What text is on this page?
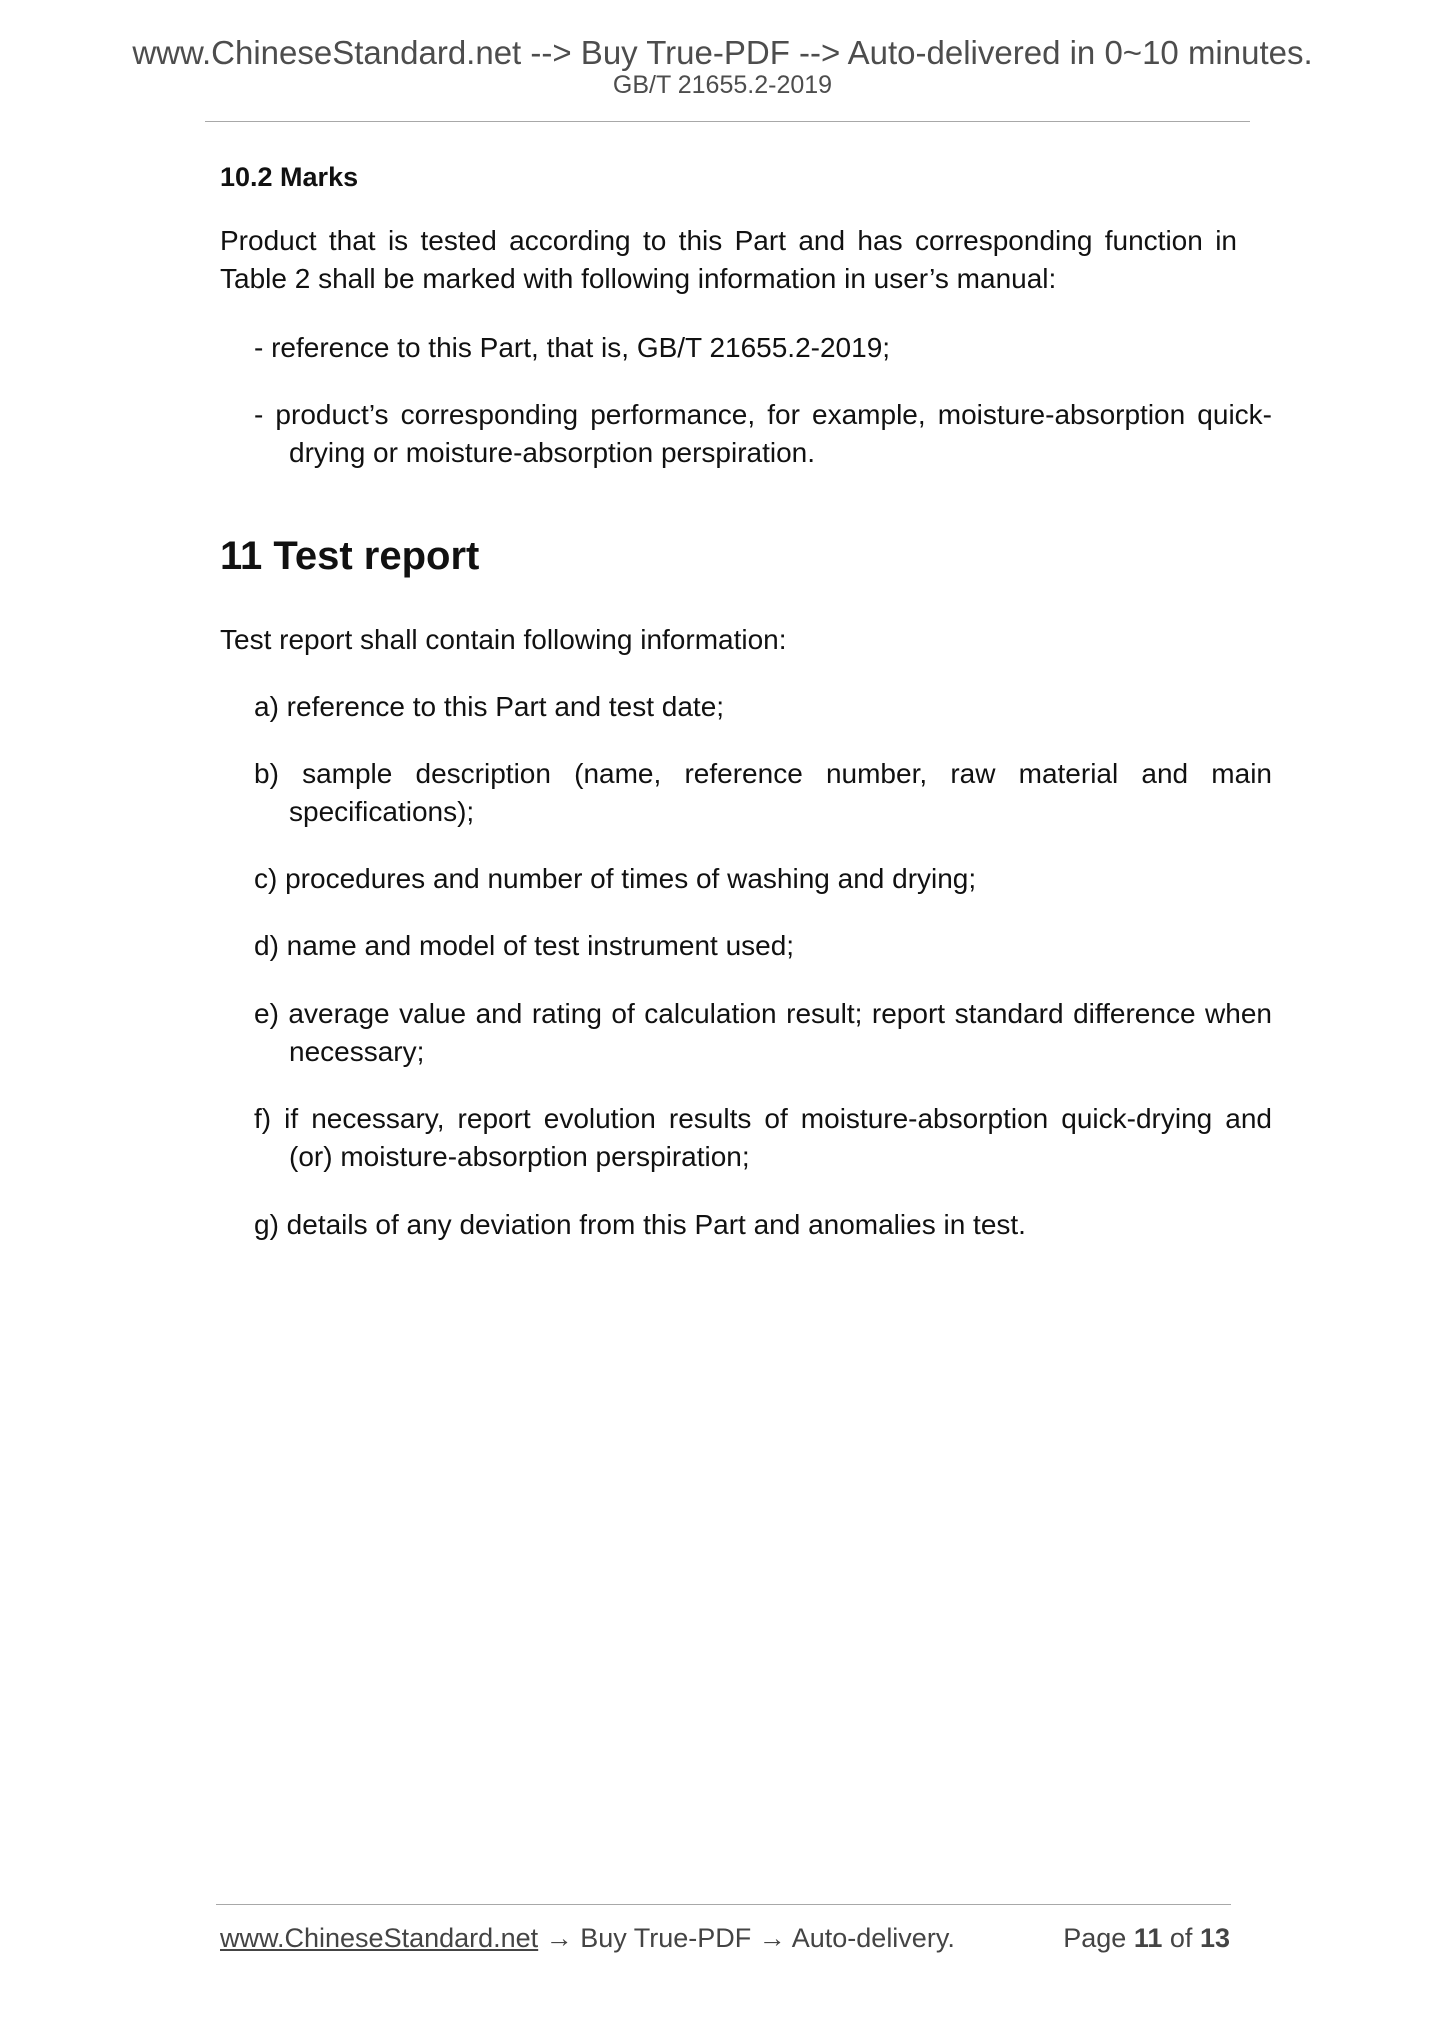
www.ChineseStandard.net --> Buy True-PDF --> Auto-delivered in 0~10 minutes.
GB/T 21655.2-2019

10.2 Marks

Product that is tested according to this Part and has corresponding function in Table 2 shall be marked with following information in user’s manual:

- reference to this Part, that is, GB/T 21655.2-2019;

- product’s corresponding performance, for example, moisture-absorption quick-drying or moisture-absorption perspiration.

11 Test report

Test report shall contain following information:

a) reference to this Part and test date;

b) sample description (name, reference number, raw material and main specifications);

c) procedures and number of times of washing and drying;

d) name and model of test instrument used;

e) average value and rating of calculation result; report standard difference when necessary;

f) if necessary, report evolution results of moisture-absorption quick-drying and (or) moisture-absorption perspiration;

g) details of any deviation from this Part and anomalies in test.

www.ChineseStandard.net → Buy True-PDF → Auto-delivery.	Page 11 of 13
